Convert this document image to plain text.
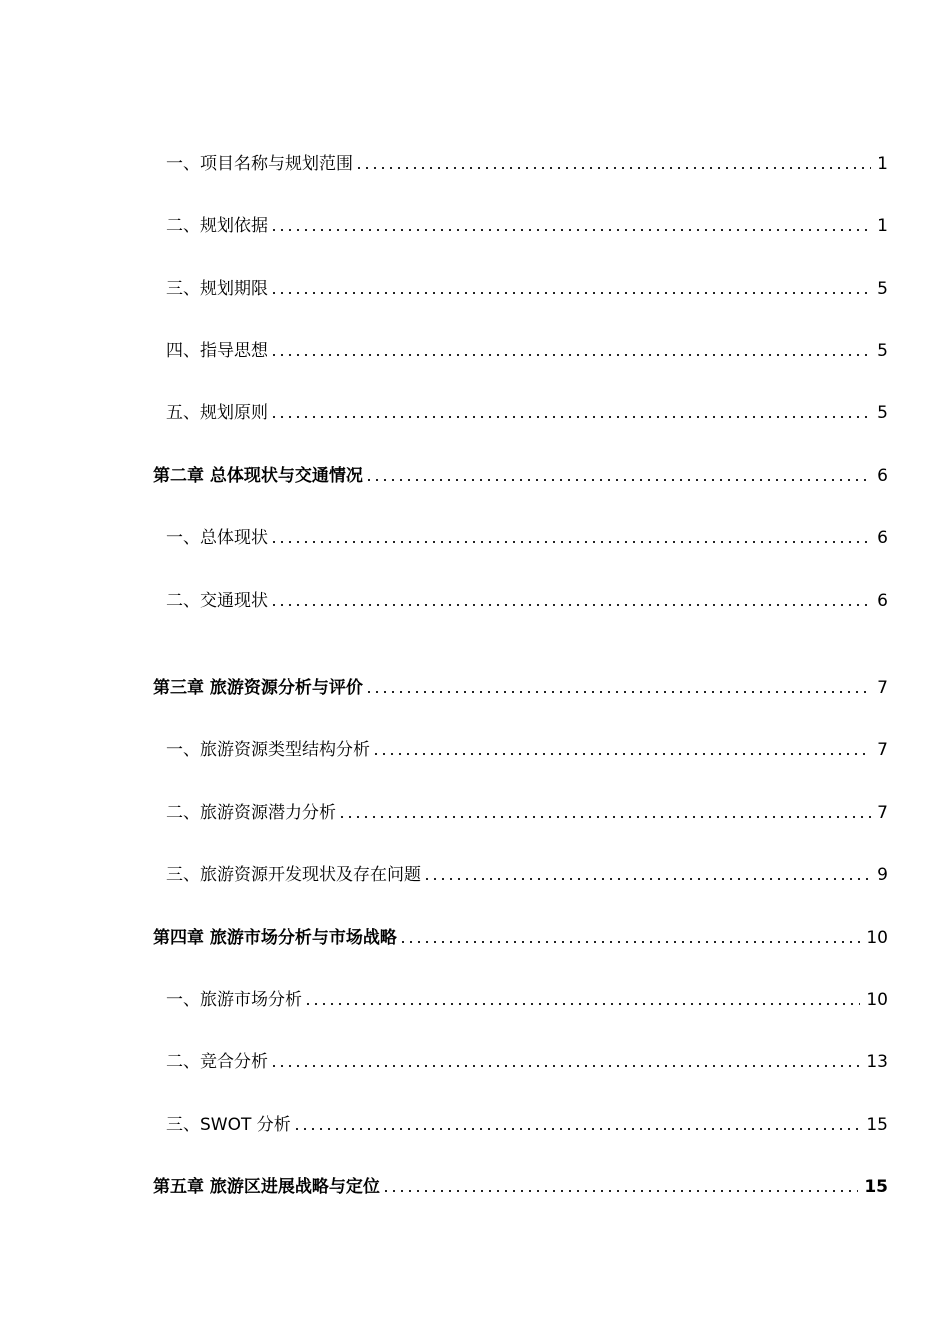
一、项目名称与规划范围	1
二、规划依据	1
三、规划期限	5
四、指导思想	5
五、规划原则	5
第二章 总体现状与交通情况	6
一、总体现状	6
二、交通现状	6
第三章 旅游资源分析与评价	7
一、旅游资源类型结构分析	7
二、旅游资源潜力分析	7
三、旅游资源开发现状及存在问题	9
第四章 旅游市场分析与市场战略	10
一、旅游市场分析	10
二、竞合分析	13
三、SWOT 分析	15
第五章 旅游区进展战略与定位	15
